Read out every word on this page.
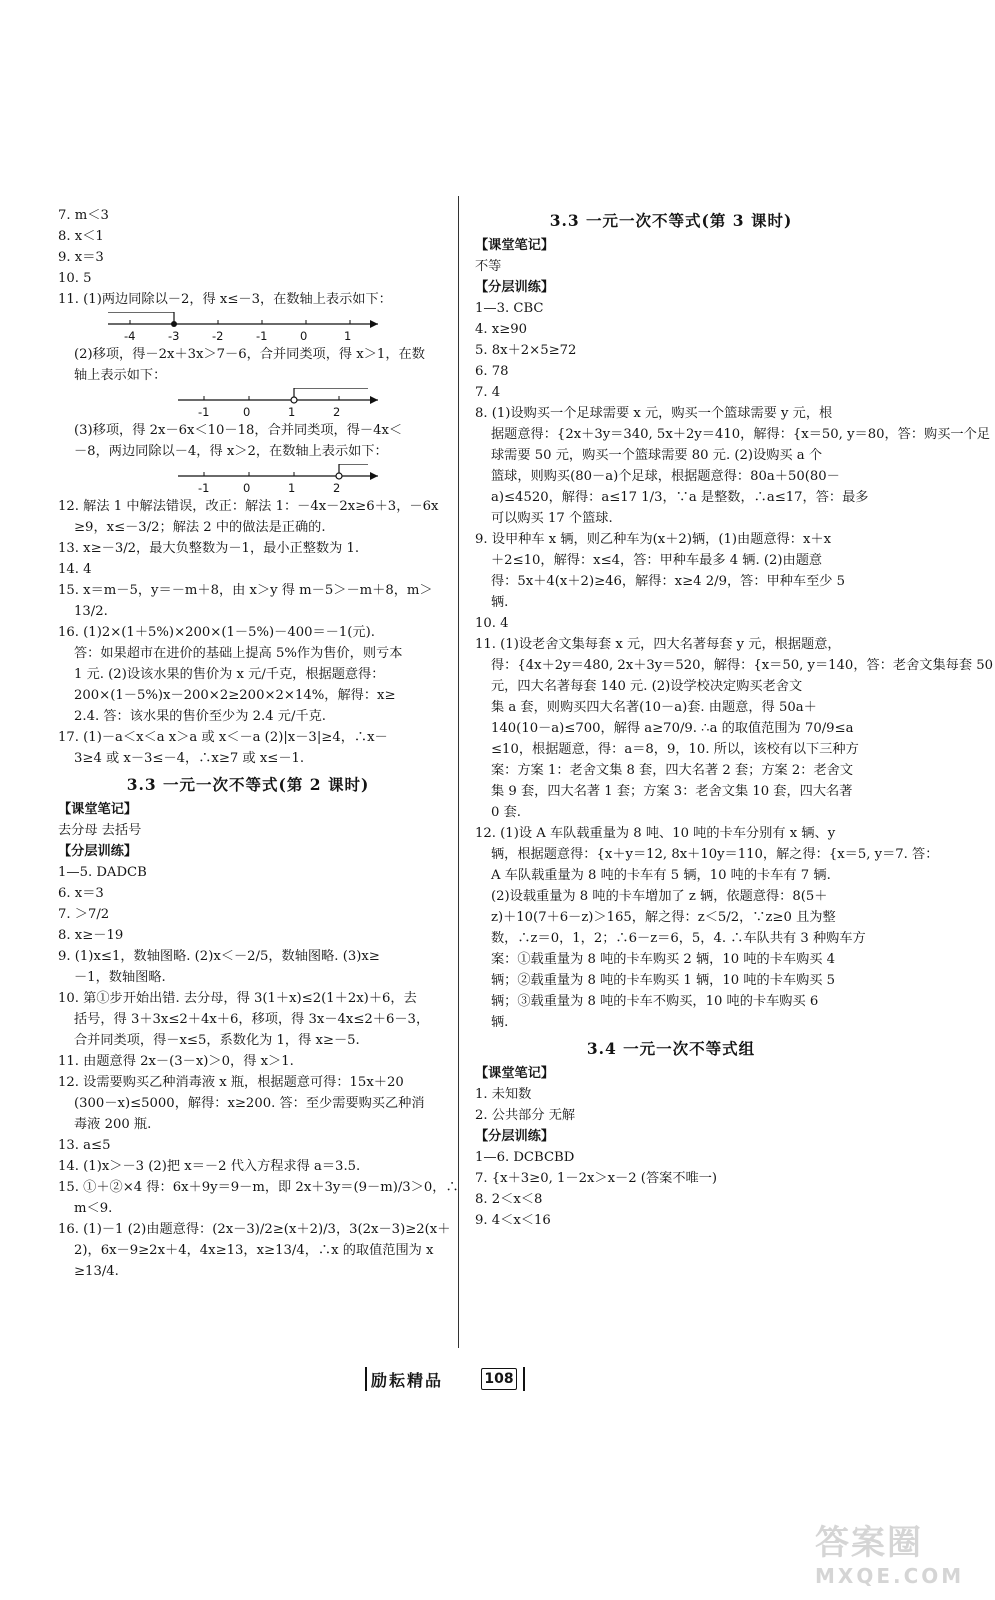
7. m＜3
8. x＜1
9. x＝3
10. 5
11. (1)两边同除以－2，得 x≤－3，在数轴上表示如下：
-4	-3	-2	-1	0	1
(2)移项，得－2x＋3x＞7－6，合并同类项，得 x＞1，在数
轴上表示如下：
-1	0	1	2
(3)移项，得 2x－6x＜10－18，合并同类项，得－4x＜
－8，两边同除以－4，得 x＞2，在数轴上表示如下：
-1	0	1	2
12. 解法 1 中解法错误，改正：解法 1：－4x－2x≥6＋3，－6x
≥9，x≤－3/2；解法 2 中的做法是正确的.
13. x≥－3/2，最大负整数为－1，最小正整数为 1.
14. 4
15. x＝m－5，y＝－m＋8，由 x＞y 得 m－5＞－m＋8，m＞
13/2.
16. (1)2×(1＋5%)×200×(1－5%)－400＝－1(元).
答：如果超市在进价的基础上提高 5%作为售价，则亏本
1 元. (2)设该水果的售价为 x 元/千克，根据题意得：
200×(1－5%)x－200×2≥200×2×14%，解得：x≥
2.4. 答：该水果的售价至少为 2.4 元/千克.
17. (1)－a＜x＜a x＞a 或 x＜－a (2)|x－3|≥4，∴x－
3≥4 或 x－3≤－4，∴x≥7 或 x≤－1.
3.3 一元一次不等式(第 2 课时)
【课堂笔记】
去分母 去括号
【分层训练】
1—5. DADCB
6. x＝3
7. ＞7/2
8. x≥－19
9. (1)x≤1，数轴图略. (2)x＜－2/5，数轴图略. (3)x≥
－1，数轴图略.
10. 第①步开始出错. 去分母，得 3(1＋x)≤2(1＋2x)＋6，去
括号，得 3＋3x≤2＋4x＋6，移项，得 3x－4x≤2＋6－3，
合并同类项，得－x≤5，系数化为 1，得 x≥－5.
11. 由题意得 2x－(3－x)＞0，得 x＞1.
12. 设需要购买乙种消毒液 x 瓶，根据题意可得：15x＋20
(300－x)≤5000，解得：x≥200. 答：至少需要购买乙种消
毒液 200 瓶.
13. a≤5
14. (1)x＞－3 (2)把 x＝－2 代入方程求得 a＝3.5.
15. ①＋②×4 得：6x＋9y＝9－m，即 2x＋3y＝(9－m)/3＞0，∴
m＜9.
16. (1)－1 (2)由题意得：(2x－3)/2≥(x＋2)/3，3(2x－3)≥2(x＋
2)，6x－9≥2x＋4，4x≥13，x≥13/4，∴x 的取值范围为 x
≥13/4.
3.3 一元一次不等式(第 3 课时)
【课堂笔记】
不等
【分层训练】
1—3. CBC
4. x≥90
5. 8x＋2×5≥72
6. 78
7. 4
8. (1)设购买一个足球需要 x 元，购买一个篮球需要 y 元，根
据题意得：{2x＋3y＝340, 5x＋2y＝410，解得：{x＝50, y＝80，答：购买一个足
球需要 50 元，购买一个篮球需要 80 元. (2)设购买 a 个
篮球，则购买(80－a)个足球，根据题意得：80a＋50(80－
a)≤4520，解得：a≤17 1/3，∵a 是整数，∴a≤17，答：最多
可以购买 17 个篮球.
9. 设甲种车 x 辆，则乙种车为(x＋2)辆，(1)由题意得：x＋x
＋2≤10，解得：x≤4，答：甲种车最多 4 辆. (2)由题意
得：5x＋4(x＋2)≥46，解得：x≥4 2/9，答：甲种车至少 5
辆.
10. 4
11. (1)设老舍文集每套 x 元，四大名著每套 y 元，根据题意，
得：{4x＋2y＝480, 2x＋3y＝520，解得：{x＝50, y＝140，答：老舍文集每套 50
元，四大名著每套 140 元. (2)设学校决定购买老舍文
集 a 套，则购买四大名著(10－a)套. 由题意，得 50a＋
140(10－a)≤700，解得 a≥70/9. ∴a 的取值范围为 70/9≤a
≤10，根据题意，得：a＝8，9，10. 所以，该校有以下三种方
案：方案 1：老舍文集 8 套，四大名著 2 套；方案 2：老舍文
集 9 套，四大名著 1 套；方案 3：老舍文集 10 套，四大名著
0 套.
12. (1)设 A 车队载重量为 8 吨、10 吨的卡车分别有 x 辆、y
辆，根据题意得：{x＋y＝12, 8x＋10y＝110，解之得：{x＝5, y＝7. 答：
A 车队载重量为 8 吨的卡车有 5 辆，10 吨的卡车有 7 辆.
(2)设载重量为 8 吨的卡车增加了 z 辆，依题意得：8(5＋
z)＋10(7＋6－z)＞165，解之得：z＜5/2，∵z≥0 且为整
数，∴z＝0，1，2；∴6－z＝6，5，4. ∴车队共有 3 种购车方
案：①载重量为 8 吨的卡车购买 2 辆，10 吨的卡车购买 4
辆；②载重量为 8 吨的卡车购买 1 辆，10 吨的卡车购买 5
辆；③载重量为 8 吨的卡车不购买，10 吨的卡车购买 6
辆.
3.4 一元一次不等式组
【课堂笔记】
1. 未知数
2. 公共部分 无解
【分层训练】
1—6. DCBCBD
7. {x＋3≥0, 1－2x＞x－2 (答案不唯一)
8. 2＜x＜8
9. 4＜x＜16
励耘精品	108
答案圈
MXQE.COM
